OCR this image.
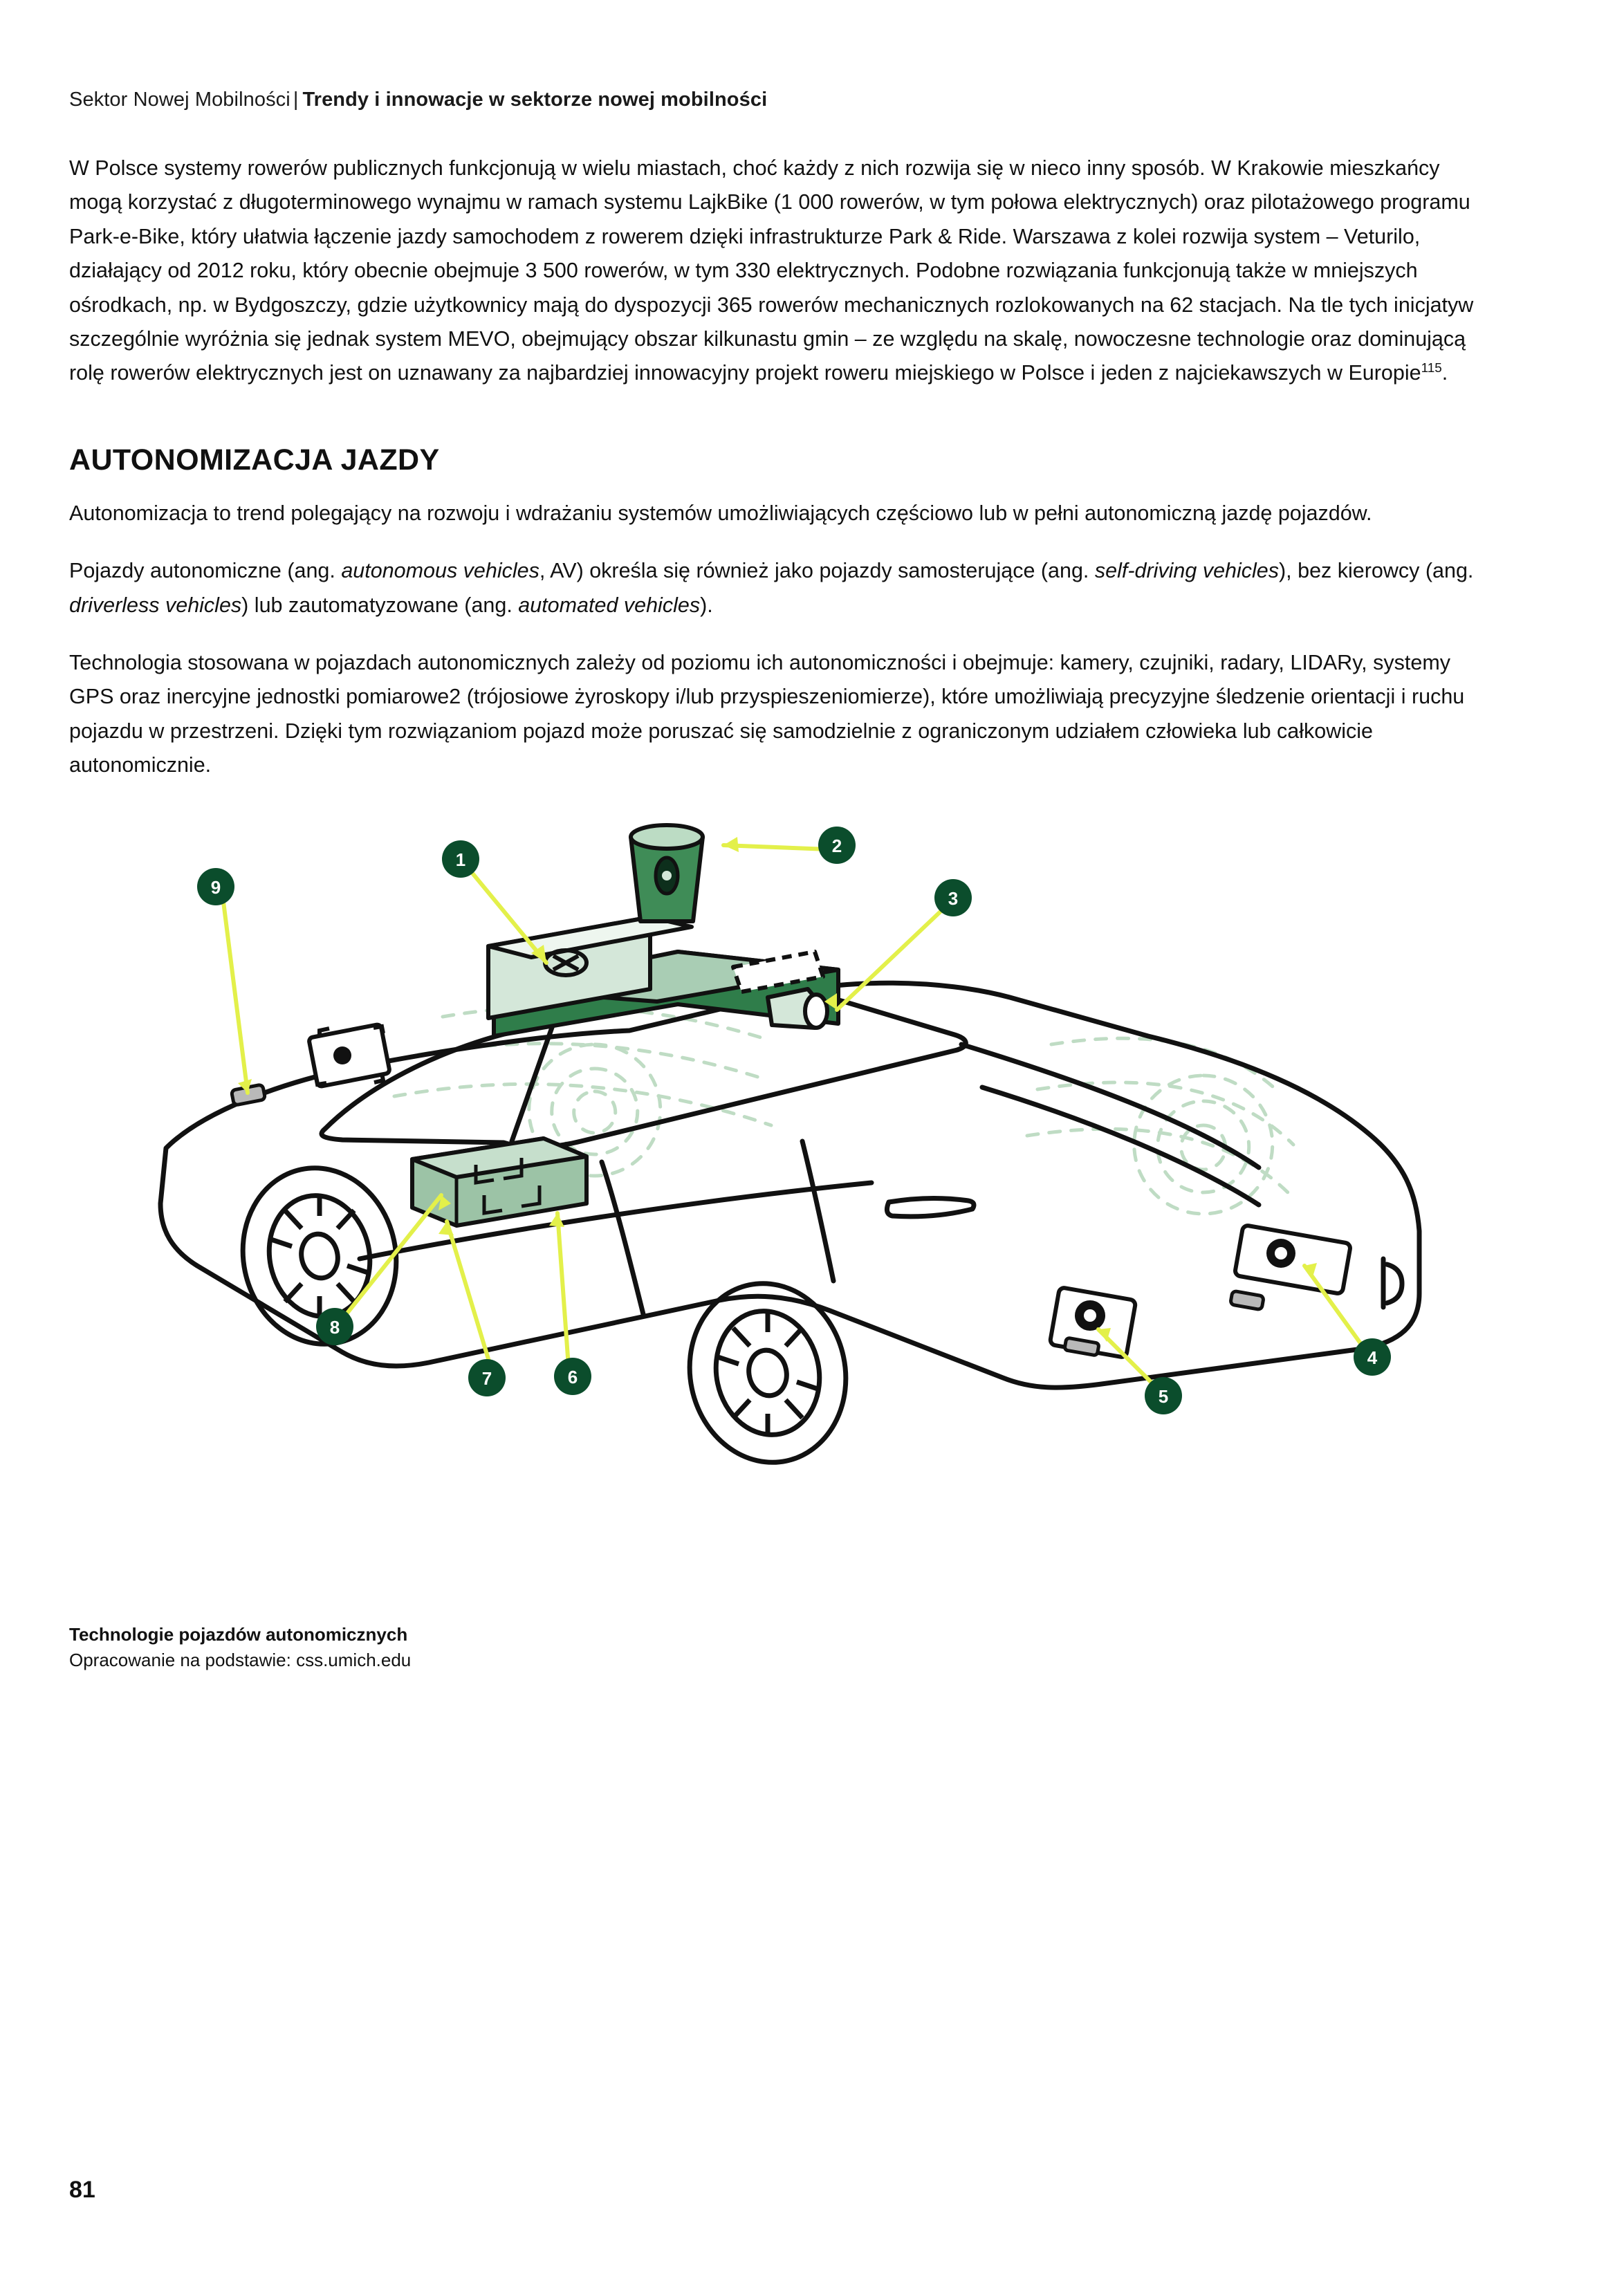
Sektor Nowej Mobilności | Trendy i innowacje w sektorze nowej mobilności

W Polsce systemy rowerów publicznych funkcjonują w wielu miastach, choć każdy z nich rozwija się w nieco inny sposób. W Krakowie mieszkańcy mogą korzystać z długoterminowego wynajmu w ramach systemu LajkBike (1 000 rowerów, w tym połowa elektrycznych) oraz pilotażowego programu Park-e-Bike, który ułatwia łączenie jazdy samochodem z rowerem dzięki infrastrukturze Park & Ride. Warszawa z kolei rozwija system – Veturilo, działający od 2012 roku, który obecnie obejmuje 3 500 rowerów, w tym 330 elektrycznych. Podobne rozwiązania funkcjonują także w mniejszych ośrodkach, np. w Bydgoszczy, gdzie użytkownicy mają do dyspozycji 365 rowerów mechanicznych rozlokowanych na 62 stacjach. Na tle tych inicjatyw szczególnie wyróżnia się jednak system MEVO, obejmujący obszar kilkunastu gmin – ze względu na skalę, nowoczesne technologie oraz dominującą rolę rowerów elektrycznych jest on uznawany za najbardziej innowacyjny projekt roweru miejskiego w Polsce i jeden z najciekawszych w Europie$^{115}$.

AUTONOMIZACJA JAZDY

Autonomizacja to trend polegający na rozwoju i wdrażaniu systemów umożliwiających częściowo lub w pełni autonomiczną jazdę pojazdów.

Pojazdy autonomiczne (ang. autonomous vehicles, AV) określa się również jako pojazdy samosterujące (ang. self-driving vehicles), bez kierowcy (ang. driverless vehicles) lub zautomatyzowane (ang. automated vehicles).

Technologia stosowana w pojazdach autonomicznych zależy od poziomu ich autonomiczności i obejmuje: kamery, czujniki, radary, LIDARy, systemy GPS oraz inercyjne jednostki pomiarowe2 (trójosiowe żyroskopy i/lub przyspieszeniomierze), które umożliwiają precyzyjne śledzenie orientacji i ruchu pojazdu w przestrzeni. Dzięki tym rozwiązaniom pojazd może poruszać się samodzielnie z ograniczonym udziałem człowieka lub całkowicie autonomicznie.

1
2
3
4
5
6
7
8
9
Technologie pojazdów autonomicznych
Opracowanie na podstawie: css.umich.edu
81
